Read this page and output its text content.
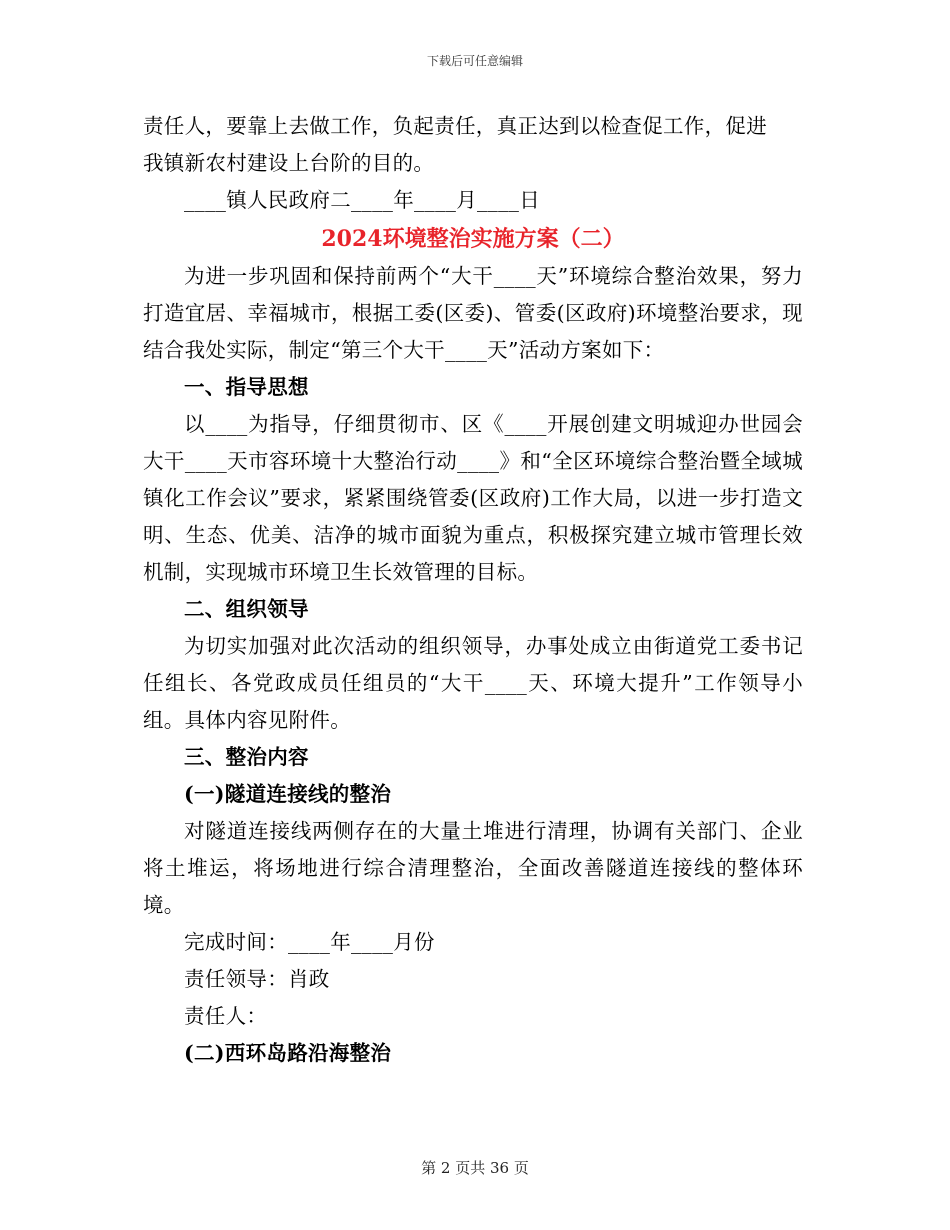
下载后可任意编辑
责任人，要靠上去做工作，负起责任，真正达到以检查促工作，促进
我镇新农村建设上台阶的目的。
____镇人民政府二____年____月____日
2024环境整治实施方案（二）

为进一步巩固和保持前两个“大干____天”环境综合整治效果，努力打造宜居、幸福城市，根据工委(区委)、管委(区政府)环境整治要求，现结合我处实际，制定“第三个大干____天”活动方案如下：

一、指导思想

以____为指导，仔细贯彻市、区《____开展创建文明城迎办世园会大干____天市容环境十大整治行动____》和“全区环境综合整治暨全域城镇化工作会议”要求，紧紧围绕管委(区政府)工作大局，以进一步打造文明、生态、优美、洁净的城市面貌为重点，积极探究建立城市管理长效机制，实现城市环境卫生长效管理的目标。

二、组织领导

为切实加强对此次活动的组织领导，办事处成立由街道党工委书记任组长、各党政成员任组员的“大干____天、环境大提升”工作领导小组。具体内容见附件。

三、整治内容
(一)隧道连接线的整治

对隧道连接线两侧存在的大量土堆进行清理，协调有关部门、企业将土堆运，将场地进行综合清理整治，全面改善隧道连接线的整体环境。

完成时间：____年____月份
责任领导：肖政
责任人：
(二)西环岛路沿海整治
第 2 页共 36 页
